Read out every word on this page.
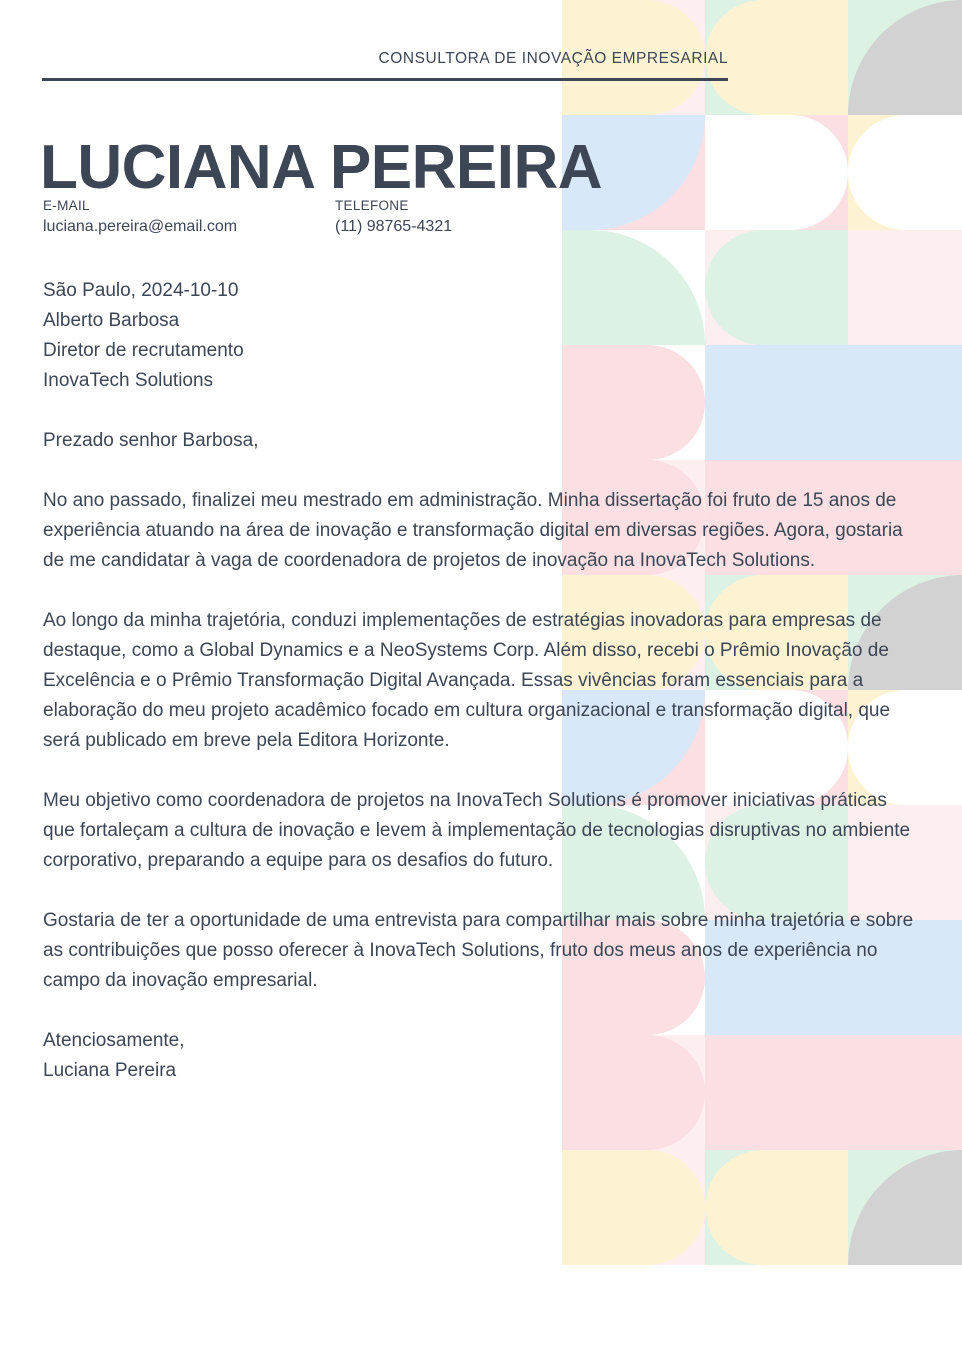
CONSULTORA DE INOVAÇÃO EMPRESARIAL
LUCIANA PEREIRA
E-MAIL
luciana.pereira@email.com
TELEFONE
(11) 98765-4321
São Paulo, 2024-10-10
Alberto Barbosa
Diretor de recrutamento
InovaTech Solutions

Prezado senhor Barbosa,

No ano passado, finalizei meu mestrado em administração. Minha dissertação foi fruto de 15 anos de experiência atuando na área de inovação e transformação digital em diversas regiões. Agora, gostaria de me candidatar à vaga de coordenadora de projetos de inovação na InovaTech Solutions.

Ao longo da minha trajetória, conduzi implementações de estratégias inovadoras para empresas de destaque, como a Global Dynamics e a NeoSystems Corp. Além disso, recebi o Prêmio Inovação de Excelência e o Prêmio Transformação Digital Avançada. Essas vivências foram essenciais para a elaboração do meu projeto acadêmico focado em cultura organizacional e transformação digital, que será publicado em breve pela Editora Horizonte.

Meu objetivo como coordenadora de projetos na InovaTech Solutions é promover iniciativas práticas que fortaleçam a cultura de inovação e levem à implementação de tecnologias disruptivas no ambiente corporativo, preparando a equipe para os desafios do futuro.

Gostaria de ter a oportunidade de uma entrevista para compartilhar mais sobre minha trajetória e sobre as contribuições que posso oferecer à InovaTech Solutions, fruto dos meus anos de experiência no campo da inovação empresarial.

Atenciosamente,
Luciana Pereira
